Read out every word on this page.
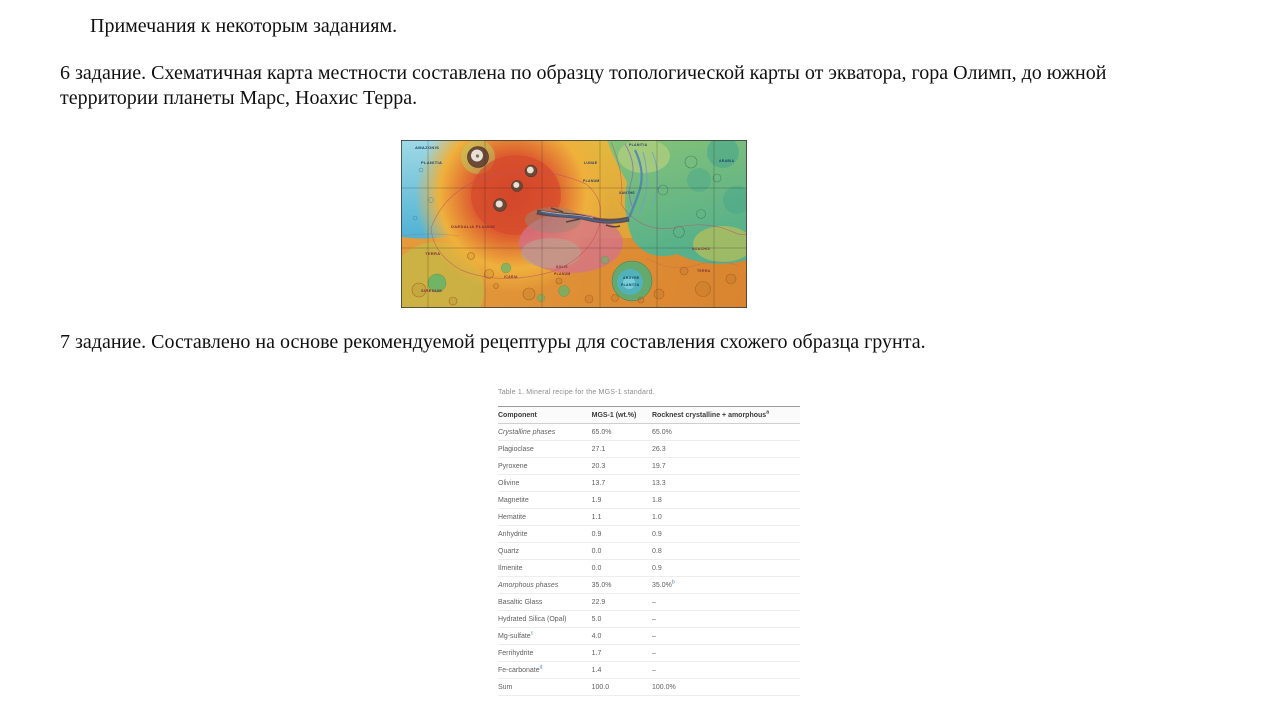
Примечания к некоторым заданиям.
6 задание. Схематичная карта местности составлена по образцу топологической карты от экватора, гора Олимп, до южной территории планеты Марс, Ноахис Терра.
AMAZONIS
PLANITIA
PLANITIA
LUNAE
PLANUM
XANTHE
ARABIA
DAEDALIA PLANUM
SOLIS
PLANUM
ICARIA
TERRA
SIRENUM
ARGYRE
PLANITIA
NOACHIS
TERRA
7 задание. Составлено на основе рекомендуемой рецептуры для составления схожего образца грунта.
Table 1. Mineral recipe for the MGS-1 standard.
Component	MGS-1 (wt.%)	Rocknest crystalline + amorphous$^a$
Crystalline phases	65.0%	65.0%
Plagioclase	27.1	26.3
Pyroxene	20.3	19.7
Olivine	13.7	13.3
Magnetite	1.9	1.8
Hematite	1.1	1.0
Anhydrite	0.9	0.9
Quartz	0.0	0.8
Ilmenite	0.0	0.9
Amorphous phases	35.0%	35.0%$^b$
Basaltic Glass	22.9	–
Hydrated Silica (Opal)	5.0	–
Mg-sulfate$^c$	4.0	–
Ferrihydrite	1.7	–
Fe-carbonate$^d$	1.4	–
Sum	100.0	100.0%
